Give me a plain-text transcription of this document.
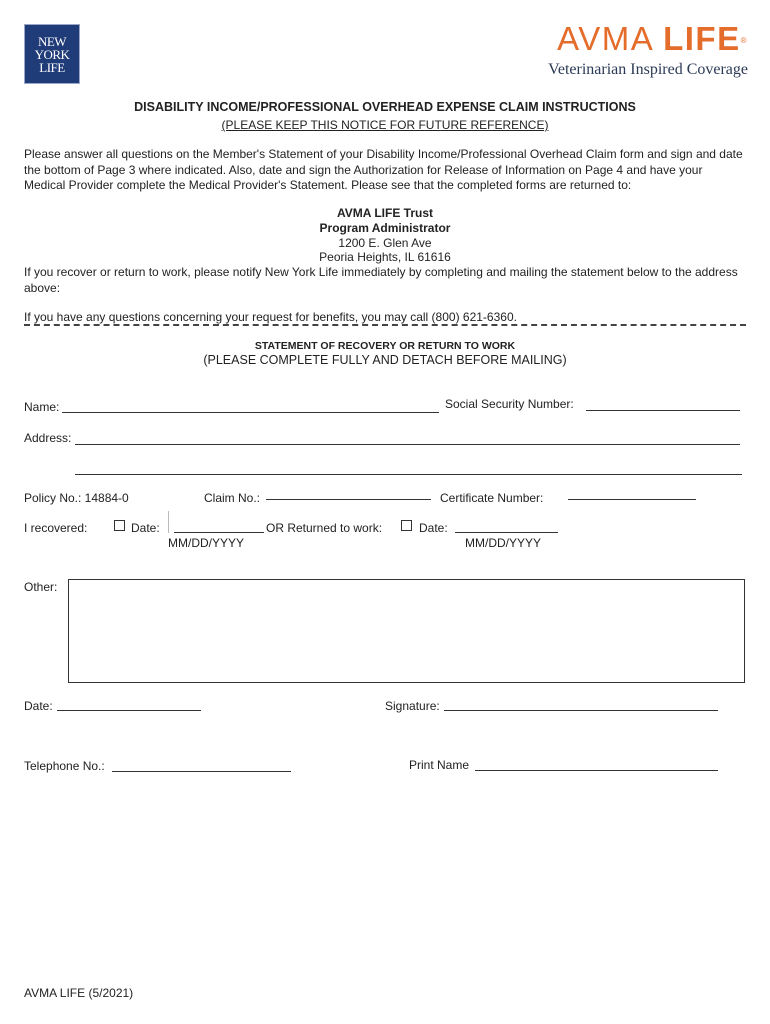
NEW
YORK
LIFE
AVMA LIFE®
Veterinarian Inspired Coverage
DISABILITY INCOME/PROFESSIONAL OVERHEAD EXPENSE CLAIM INSTRUCTIONS
(PLEASE KEEP THIS NOTICE FOR FUTURE REFERENCE)
Please answer all questions on the Member's Statement of your Disability Income/Professional Overhead Claim form and sign and date the bottom of Page 3 where indicated. Also, date and sign the Authorization for Release of Information on Page 4 and have your Medical Provider complete the Medical Provider's Statement. Please see that the completed forms are returned to:
AVMA LIFE Trust
Program Administrator
1200 E. Glen Ave
Peoria Heights, IL 61616
If you recover or return to work, please notify New York Life immediately by completing and mailing the statement below to the address above:
If you have any questions concerning your request for benefits, you may call (800) 621-6360.
STATEMENT OF RECOVERY OR RETURN TO WORK
(PLEASE COMPLETE FULLY AND DETACH BEFORE MAILING)
Name:	Social Security Number:
Address:
Policy No.: 14884-0	Claim No.:	Certificate Number:
I recovered:	Date:	OR Returned to work:	Date:
MM/DD/YYYY	MM/DD/YYYY
Other:
Date:	Signature:
Telephone No.:	Print Name
AVMA LIFE (5/2021)
